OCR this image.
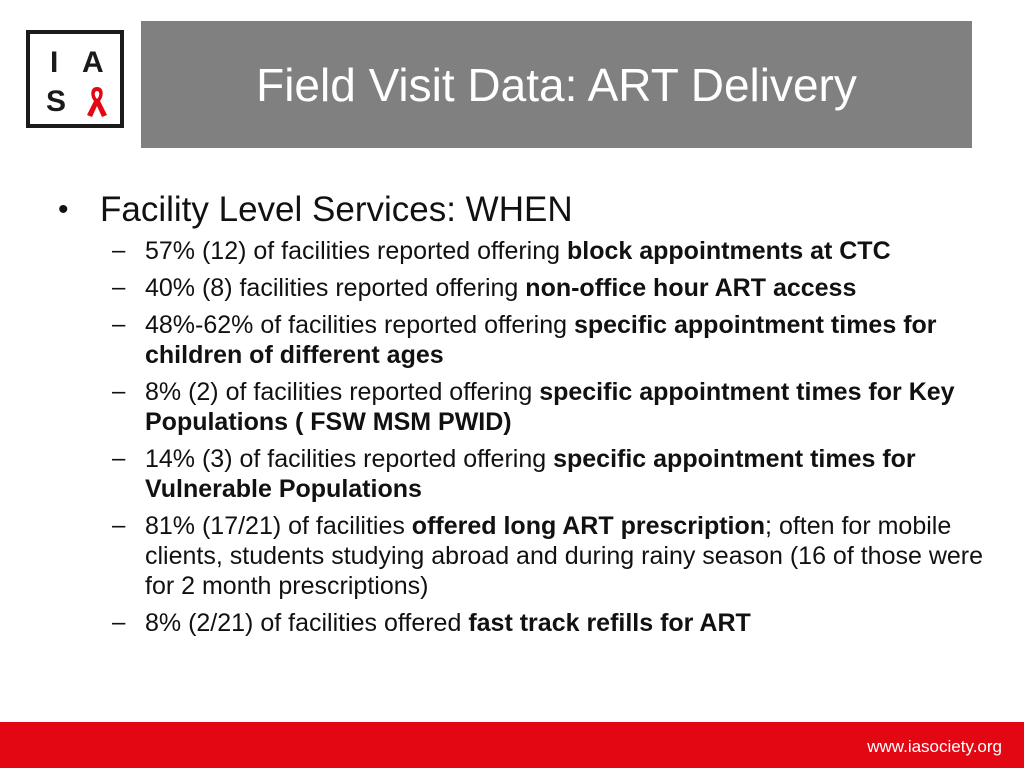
I A
S	Field Visit Data: ART Delivery
• Facility Level Services: WHEN
– 57% (12) of facilities reported offering block appointments at CTC
– 40% (8) facilities reported offering non-office hour ART access
– 48%-62% of facilities reported offering specific appointment times for children of different ages
– 8% (2) of facilities reported offering specific appointment times for Key Populations ( FSW MSM PWID)
– 14% (3) of facilities reported offering specific appointment times for Vulnerable Populations
– 81% (17/21) of facilities offered long ART prescription; often for mobile clients, students studying abroad and during rainy season (16 of those were for 2 month prescriptions)
– 8% (2/21) of facilities offered fast track refills for ART
www.iasociety.org
